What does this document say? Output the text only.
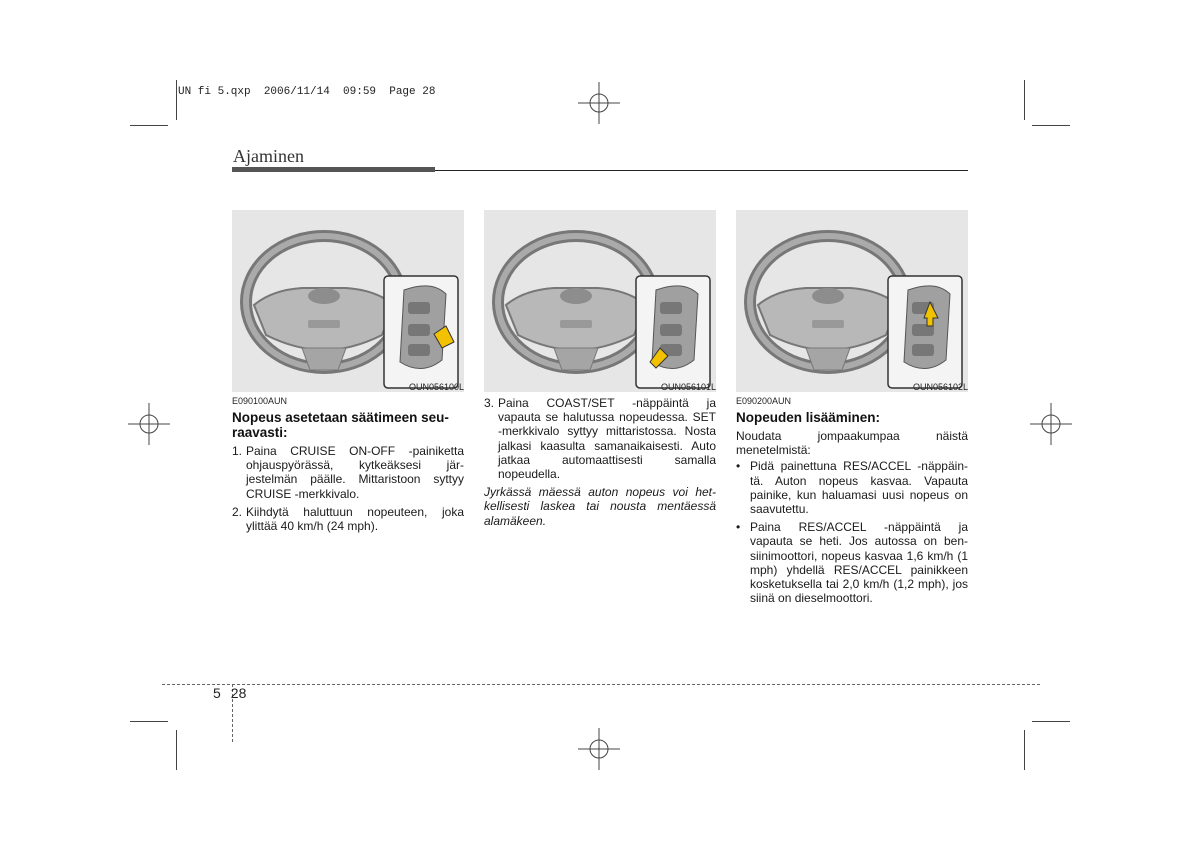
UN fi 5.qxp  2006/11/14  09:59  Page 28
Ajaminen
OUN056100L	OUN056101L	OUN056102L
E090100AUN
Nopeus asetetaan säätimeen seu-
raavasti:
1. Paina CRUISE ON-OFF -painiketta ohjauspyörässä, kytkeäksesi jär-jestelmän päälle. Mittaristoon syttyy CRUISE -merkkivalo.
2. Kiihdytä haluttuun nopeuteen, joka ylittää 40 km/h (24 mph).
3. Paina COAST/SET -näppäintä ja vapauta se halutussa nopeudessa. SET -merkkivalo syttyy mittaristossa. Nosta jalkasi kaasulta samanaikaisesti. Auto jatkaa automaattisesti samalla nopeudella.
Jyrkässä mäessä auton nopeus voi het-kellisesti laskea tai nousta mentäessä alamäkeen.
E090200AUN
Nopeuden lisääminen:
Noudata jompaakumpaa näistä menetelmistä:
• Pidä painettuna RES/ACCEL -näppäin-tä. Auton nopeus kasvaa. Vapauta painike, kun haluamasi uusi nopeus on saavutettu.
• Paina RES/ACCEL -näppäintä ja vapauta se heti. Jos autossa on ben-siinimoottori, nopeus kasvaa 1,6 km/h (1 mph) yhdellä RES/ACCEL painikkeen kosketuksella tai 2,0 km/h (1,2 mph), jos siinä on dieselmoottori.
5 28
